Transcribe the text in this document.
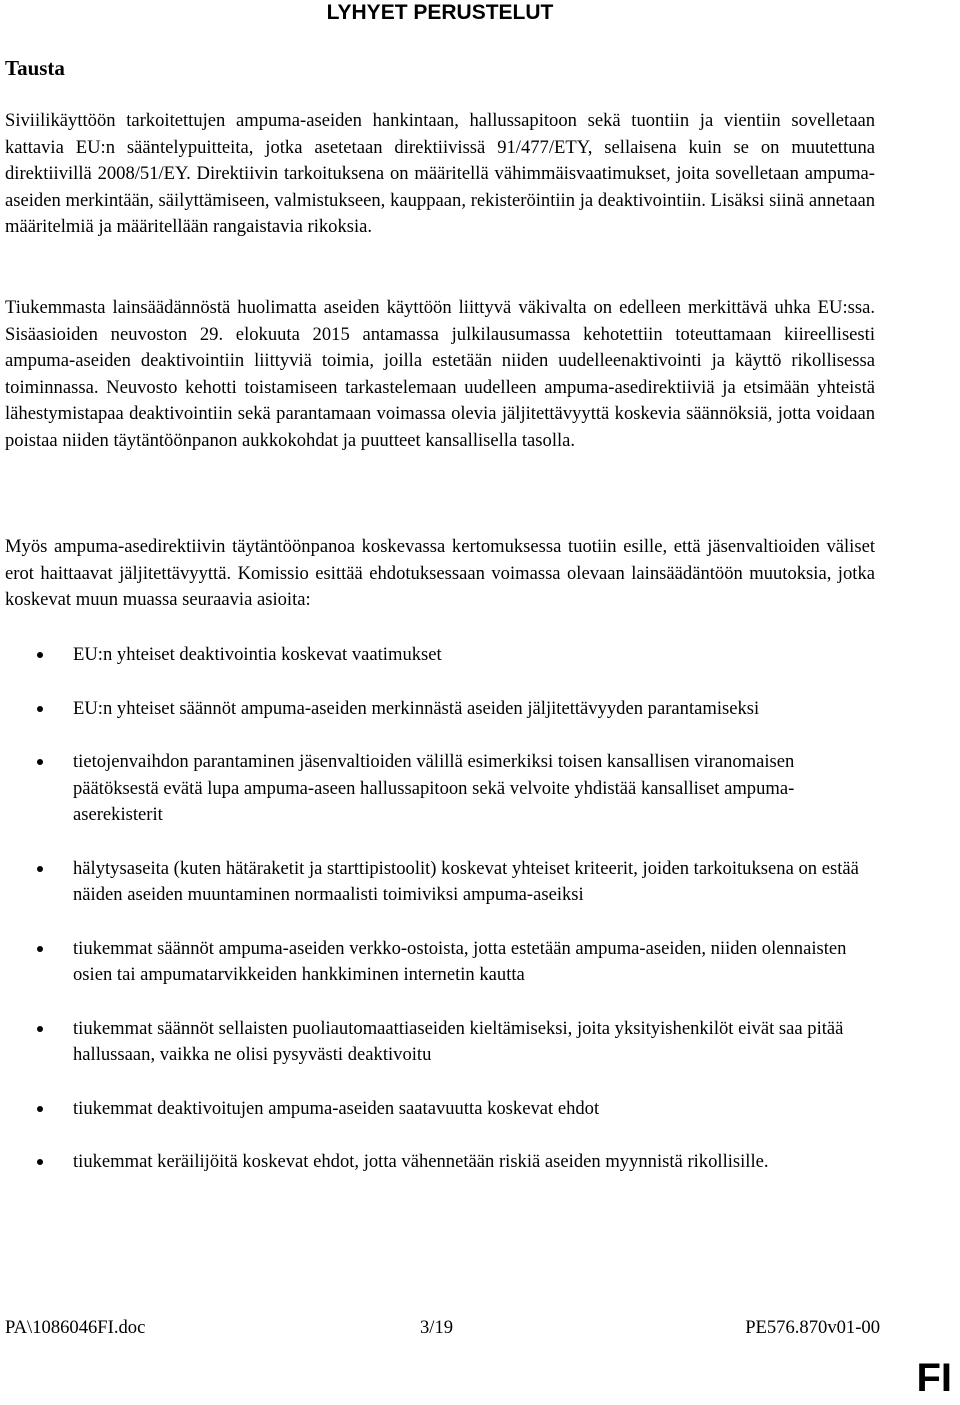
LYHYET PERUSTELUT
Tausta

Siviilikäyttöön tarkoitettujen ampuma-aseiden hankintaan, hallussapitoon sekä tuontiin ja vientiin sovelletaan kattavia EU:n sääntelypuitteita, jotka asetetaan direktiivissä 91/477/ETY, sellaisena kuin se on muutettuna direktiivillä 2008/51/EY. Direktiivin tarkoituksena on määritellä vähimmäisvaatimukset, joita sovelletaan ampuma-aseiden merkintään, säilyttämiseen, valmistukseen, kauppaan, rekisteröintiin ja deaktivointiin. Lisäksi siinä annetaan määritelmiä ja määritellään rangaistavia rikoksia.

Tiukemmasta lainsäädännöstä huolimatta aseiden käyttöön liittyvä väkivalta on edelleen merkittävä uhka EU:ssa. Sisäasioiden neuvoston 29. elokuuta 2015 antamassa julkilausumassa kehotettiin toteuttamaan kiireellisesti ampuma-aseiden deaktivointiin liittyviä toimia, joilla estetään niiden uudelleenaktivointi ja käyttö rikollisessa toiminnassa. Neuvosto kehotti toistamiseen tarkastelemaan uudelleen ampuma-asedirektiiviä ja etsimään yhteistä lähestymistapaa deaktivointiin sekä parantamaan voimassa olevia jäljitettävyyttä koskevia säännöksiä, jotta voidaan poistaa niiden täytäntöönpanon aukkokohdat ja puutteet kansallisella tasolla.

Myös ampuma-asedirektiivin täytäntöönpanoa koskevassa kertomuksessa tuotiin esille, että jäsenvaltioiden väliset erot haittaavat jäljitettävyyttä. Komissio esittää ehdotuksessaan voimassa olevaan lainsäädäntöön muutoksia, jotka koskevat muun muassa seuraavia asioita:

EU:n yhteiset deaktivointia koskevat vaatimukset
EU:n yhteiset säännöt ampuma-aseiden merkinnästä aseiden jäljitettävyyden parantamiseksi
tietojenvaihdon parantaminen jäsenvaltioiden välillä esimerkiksi toisen kansallisen viranomaisen päätöksestä evätä lupa ampuma-aseen hallussapitoon sekä velvoite yhdistää kansalliset ampuma-aserekisterit
hälytysaseita (kuten hätäraketit ja starttipistoolit) koskevat yhteiset kriteerit, joiden tarkoituksena on estää näiden aseiden muuntaminen normaalisti toimiviksi ampuma-aseiksi
tiukemmat säännöt ampuma-aseiden verkko-ostoista, jotta estetään ampuma-aseiden, niiden olennaisten osien tai ampumatarvikkeiden hankkiminen internetin kautta
tiukemmat säännöt sellaisten puoliautomaattiaseiden kieltämiseksi, joita yksityishenkilöt eivät saa pitää hallussaan, vaikka ne olisi pysyvästi deaktivoitu
tiukemmat deaktivoitujen ampuma-aseiden saatavuutta koskevat ehdot
tiukemmat keräilijöitä koskevat ehdot, jotta vähennetään riskiä aseiden myynnistä rikollisille.
PA\1086046FI.doc	3/19	PE576.870v01-00
FI
